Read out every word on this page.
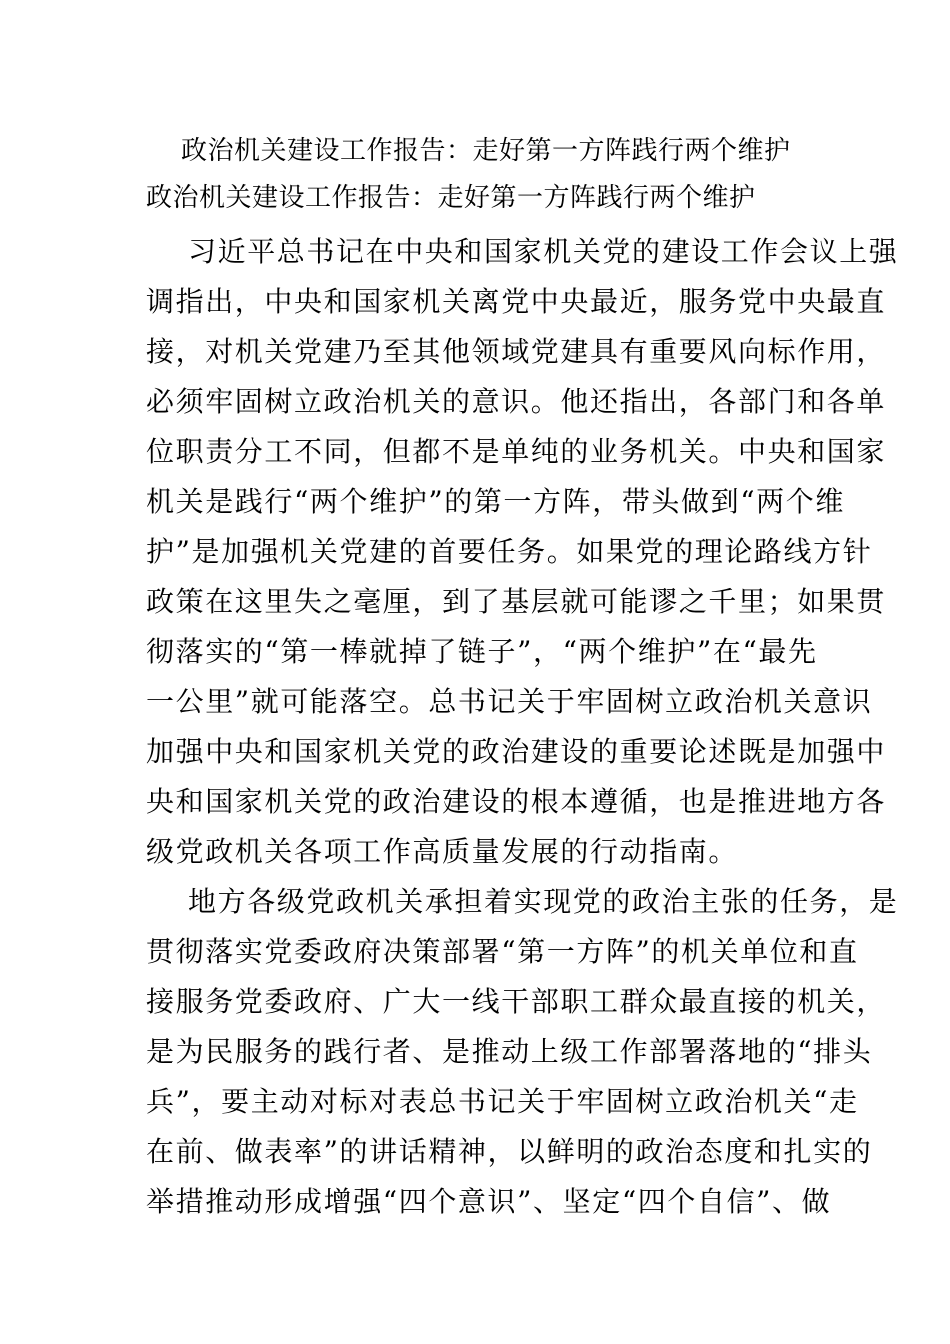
政治机关建设工作报告：走好第一方阵践行两个维护
政治机关建设工作报告：走好第一方阵践行两个维护
习近平总书记在中央和国家机关党的建设工作会议上强
调指出，中央和国家机关离党中央最近，服务党中央最直
接，对机关党建乃至其他领域党建具有重要风向标作用，
必须牢固树立政治机关的意识。他还指出，各部门和各单
位职责分工不同，但都不是单纯的业务机关。中央和国家
机关是践行“两个维护”的第一方阵，带头做到“两个维
护”是加强机关党建的首要任务。如果党的理论路线方针
政策在这里失之毫厘，到了基层就可能谬之千里；如果贯
彻落实的“第一棒就掉了链子”，“两个维护”在“最先
一公里”就可能落空。总书记关于牢固树立政治机关意识
加强中央和国家机关党的政治建设的重要论述既是加强中
央和国家机关党的政治建设的根本遵循，也是推进地方各
级党政机关各项工作高质量发展的行动指南。
地方各级党政机关承担着实现党的政治主张的任务，是
贯彻落实党委政府决策部署“第一方阵”的机关单位和直
接服务党委政府、广大一线干部职工群众最直接的机关，
是为民服务的践行者、是推动上级工作部署落地的“排头
兵”，要主动对标对表总书记关于牢固树立政治机关“走
在前、做表率”的讲话精神，以鲜明的政治态度和扎实的
举措推动形成增强“四个意识”、坚定“四个自信”、做
